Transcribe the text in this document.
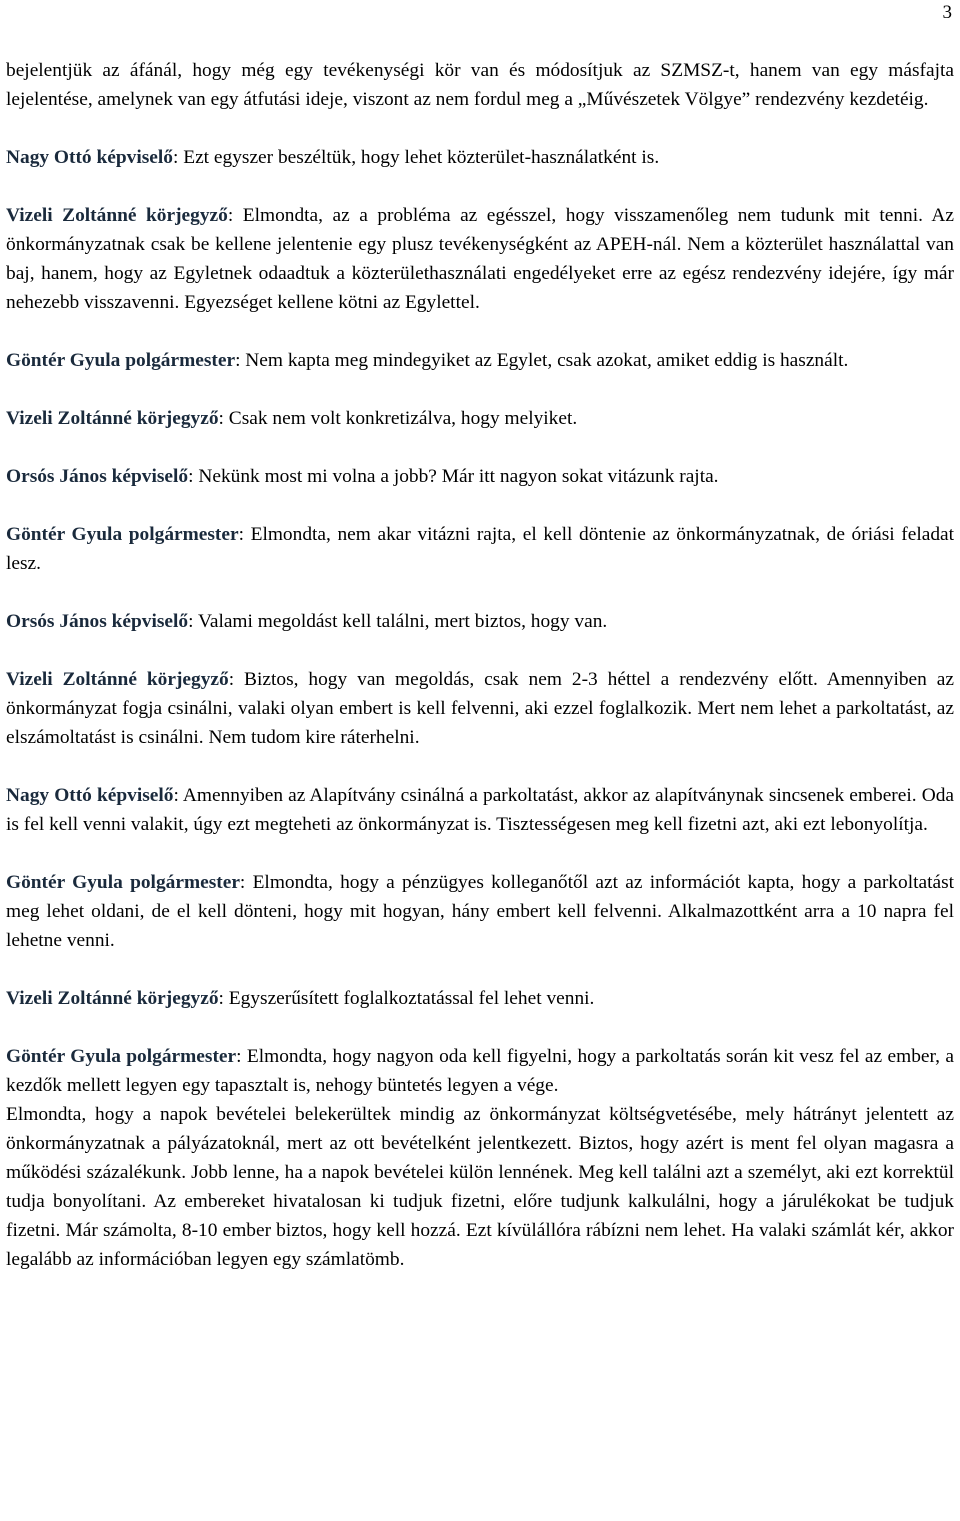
3

bejelentjük az áfánál, hogy még egy tevékenységi kör van és módosítjuk az SZMSZ-t, hanem van egy másfajta lejelentése, amelynek van egy átfutási ideje, viszont az nem fordul meg a „Művészetek Völgye” rendezvény kezdetéig.

Nagy Ottó képviselő: Ezt egyszer beszéltük, hogy lehet közterület-használatként is.

Vizeli Zoltánné körjegyző: Elmondta, az a probléma az egésszel, hogy visszamenőleg nem tudunk mit tenni. Az önkormányzatnak csak be kellene jelentenie egy plusz tevékenységként az APEH-nál. Nem a közterület használattal van baj, hanem, hogy az Egyletnek odaadtuk a közterülethasználati engedélyeket erre az egész rendezvény idejére, így már nehezebb visszavenni. Egyezséget kellene kötni az Egylettel.

Göntér Gyula polgármester: Nem kapta meg mindegyiket az Egylet, csak azokat, amiket eddig is használt.

Vizeli Zoltánné körjegyző: Csak nem volt konkretizálva, hogy melyiket.

Orsós János képviselő: Nekünk most mi volna a jobb? Már itt nagyon sokat vitázunk rajta.

Göntér Gyula polgármester: Elmondta, nem akar vitázni rajta, el kell döntenie az önkormányzatnak, de óriási feladat lesz.

Orsós János képviselő: Valami megoldást kell találni, mert biztos, hogy van.

Vizeli Zoltánné körjegyző: Biztos, hogy van megoldás, csak nem 2-3 héttel a rendezvény előtt. Amennyiben az önkormányzat fogja csinálni, valaki olyan embert is kell felvenni, aki ezzel foglalkozik. Mert nem lehet a parkoltatást, az elszámoltatást is csinálni. Nem tudom kire ráterhelni.

Nagy Ottó képviselő: Amennyiben az Alapítvány csinálná a parkoltatást, akkor az alapítványnak sincsenek emberei. Oda is fel kell venni valakit, úgy ezt megteheti az önkormányzat is. Tisztességesen meg kell fizetni azt, aki ezt lebonyolítja.

Göntér Gyula polgármester: Elmondta, hogy a pénzügyes kolleganőtől azt az információt kapta, hogy a parkoltatást meg lehet oldani, de el kell dönteni, hogy mit hogyan, hány embert kell felvenni. Alkalmazottként arra a 10 napra fel lehetne venni.

Vizeli Zoltánné körjegyző: Egyszerűsített foglalkoztatással fel lehet venni.

Göntér Gyula polgármester: Elmondta, hogy nagyon oda kell figyelni, hogy a parkoltatás során kit vesz fel az ember, a kezdők mellett legyen egy tapasztalt is, nehogy büntetés legyen a vége.

Elmondta, hogy a napok bevételei belekerültek mindig az önkormányzat költségvetésébe, mely hátrányt jelentett az önkormányzatnak a pályázatoknál, mert az ott bevételként jelentkezett. Biztos, hogy azért is ment fel olyan magasra a működési százalékunk. Jobb lenne, ha a napok bevételei külön lennének. Meg kell találni azt a személyt, aki ezt korrektül tudja bonyolítani. Az embereket hivatalosan ki tudjuk fizetni, előre tudjunk kalkulálni, hogy a járulékokat be tudjuk fizetni. Már számolta, 8-10 ember biztos, hogy kell hozzá. Ezt kívülállóra rábízni nem lehet. Ha valaki számlát kér, akkor legalább az információban legyen egy számlatömb.
